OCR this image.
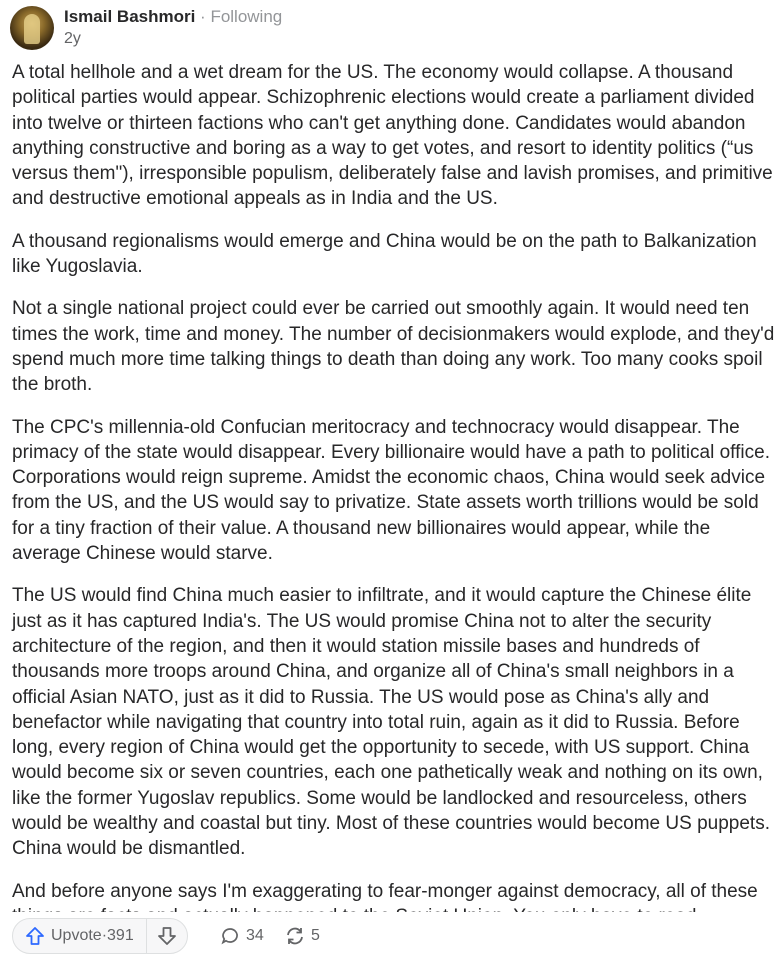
Ismail Bashmori · Following
2y

A total hellhole and a wet dream for the US. The economy would collapse. A thousand political parties would appear. Schizophrenic elections would create a parliament divided into twelve or thirteen factions who can't get anything done. Candidates would abandon anything constructive and boring as a way to get votes, and resort to identity politics (“us versus them"), irresponsible populism, deliberately false and lavish promises, and primitive and destructive emotional appeals as in India and the US.

A thousand regionalisms would emerge and China would be on the path to Balkanization like Yugoslavia.

Not a single national project could ever be carried out smoothly again. It would need ten times the work, time and money. The number of decisionmakers would explode, and they'd spend much more time talking things to death than doing any work. Too many cooks spoil the broth.

The CPC's millennia-old Confucian meritocracy and technocracy would disappear. The primacy of the state would disappear. Every billionaire would have a path to political office. Corporations would reign supreme. Amidst the economic chaos, China would seek advice from the US, and the US would say to privatize. State assets worth trillions would be sold for a tiny fraction of their value. A thousand new billionaires would appear, while the average Chinese would starve.

The US would find China much easier to infiltrate, and it would capture the Chinese élite just as it has captured India's. The US would promise China not to alter the security architecture of the region, and then it would station missile bases and hundreds of thousands more troops around China, and organize all of China's small neighbors in a official Asian NATO, just as it did to Russia. The US would pose as China's ally and benefactor while navigating that country into total ruin, again as it did to Russia. Before long, every region of China would get the opportunity to secede, with US support. China would become six or seven countries, each one pathetically weak and nothing on its own, like the former Yugoslav republics. Some would be landlocked and resourceless, others would be wealthy and coastal but tiny. Most of these countries would become US puppets. China would be dismantled.

And before anyone says I'm exaggerating to fear-monger against democracy, all of these

Upvote · 391	34	5
